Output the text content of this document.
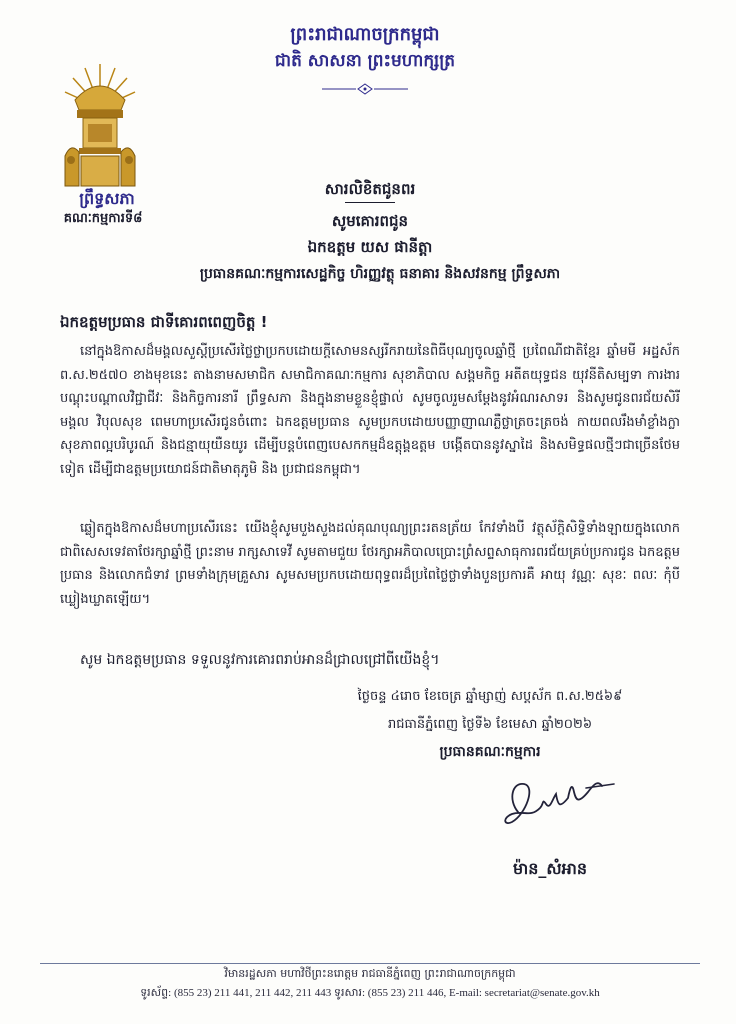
ព្រះរាជាណាចក្រកម្ពុជា
ជាតិ សាសនា ព្រះមហាក្សត្រ
ព្រឹទ្ធសភា
គណៈកម្មការទី៨
សារលិខិតជូនពរ
សូមគោរពជូន
ឯកឧត្តម យស ផានីត្តា
ប្រធានគណៈកម្មការសេដ្ឋកិច្ច ហិរញ្ញវត្ថុ ធនាគារ និងសវនកម្ម ព្រឹទ្ធសភា
ឯកឧត្តមប្រធាន ជាទីគោរពពេញចិត្ត !
នៅក្នុងឱកាសដ៏មង្គលសួស្តីប្រសើរថ្លៃថ្លាប្រកបដោយក្តីសោមនស្សរីករាយនៃពិធីបុណ្យចូលឆ្នាំថ្មី ប្រពៃណីជាតិខ្មែរ ឆ្នាំមមី អដ្ឋស័ក ព.ស.២៥៧០ ខាងមុខនេះ តាងនាមសមាជិក សមាជិកាគណៈកម្មការ សុខាភិបាល សង្គមកិច្ច អតីតយុទ្ធជន យុវនីតិសម្បទា ការងារ បណ្តុះបណ្តាលវិជ្ជាជីវៈ និងកិច្ចការនារី ព្រឹទ្ធសភា និងក្នុងនាមខ្លួនខ្ញុំផ្ទាល់ សូមចូលរួមសម្តែងនូវអំណរសាទរ និងសូមជូនពរជ័យសិរីមង្គល វិបុលសុខ ពេមហាប្រសើរជូនចំពោះ ឯកឧត្តមប្រធាន សូមប្រកបដោយបញ្ញាញាណភ្លឺថ្លាត្រចះត្រចង់ កាយពលរឹងមាំខ្លាំងក្លា សុខភាពល្អបរិបូរណ៍ និងជន្មាយុយឺនយូរ ដើម្បីបន្តបំពេញបេសកកម្មដ៏ឧត្តុង្គឧត្តម បង្កើតបាននូវស្នាដៃ និងសមិទ្ធផលថ្មីៗជាច្រើនថែមទៀត ដើម្បីជាឧត្តមប្រយោជន៍ជាតិមាតុភូមិ និង ប្រជាជនកម្ពុជា។
ឆ្លៀតក្នុងឱកាសដ៏មហាប្រសើរនេះ យើងខ្ញុំសូមបួងសួងដល់គុណបុណ្យព្រះរតនត្រ័យ កែវទាំងបី វត្ថុស័ក្តិសិទ្ធិទាំងឡាយក្នុងលោក ជាពិសេសទេវតាថែរក្សាឆ្នាំថ្មី ព្រះនាម រាក្សសាទេវី សូមតាមជួយ ថែរក្សាអភិបាលប្រោះព្រំសព្ទសាធុការពរជ័យគ្រប់ប្រការជូន ឯកឧត្តមប្រធាន និងលោកជំទាវ ព្រមទាំងក្រុមគ្រួសារ សូមសមប្រកបដោយពុទ្ធពរដ៏ប្រពៃថ្លៃថ្លាទាំងបួនប្រការគឺ អាយុ វណ្ណៈ សុខៈ ពលៈ កុំបីឃ្លៀងឃ្លាតឡើយ។
សូម ឯកឧត្តមប្រធាន ទទួលនូវការគោរពរាប់អានដ៏ជ្រាលជ្រៅពីយើងខ្ញុំ។
ថ្ងៃចន្ទ ៤រោច ខែចេត្រ ឆ្នាំម្សាញ់ សប្តស័ក ព.ស.២៥៦៩
រាជធានីភ្នំពេញ ថ្ងៃទី៦ ខែមេសា ឆ្នាំ២០២៦
ប្រធានគណៈកម្មការ
ម៉ាន_សំអាន
វិមានរដ្ឋសភា មហាវិថីព្រះនរោត្តម រាជធានីភ្នំពេញ ព្រះរាជាណាចក្រកម្ពុជា
ទូរស័ព្ទ: (855 23) 211 441, 211 442, 211 443 ទូរសារ: (855 23) 211 446, E-mail: secretariat@senate.gov.kh
